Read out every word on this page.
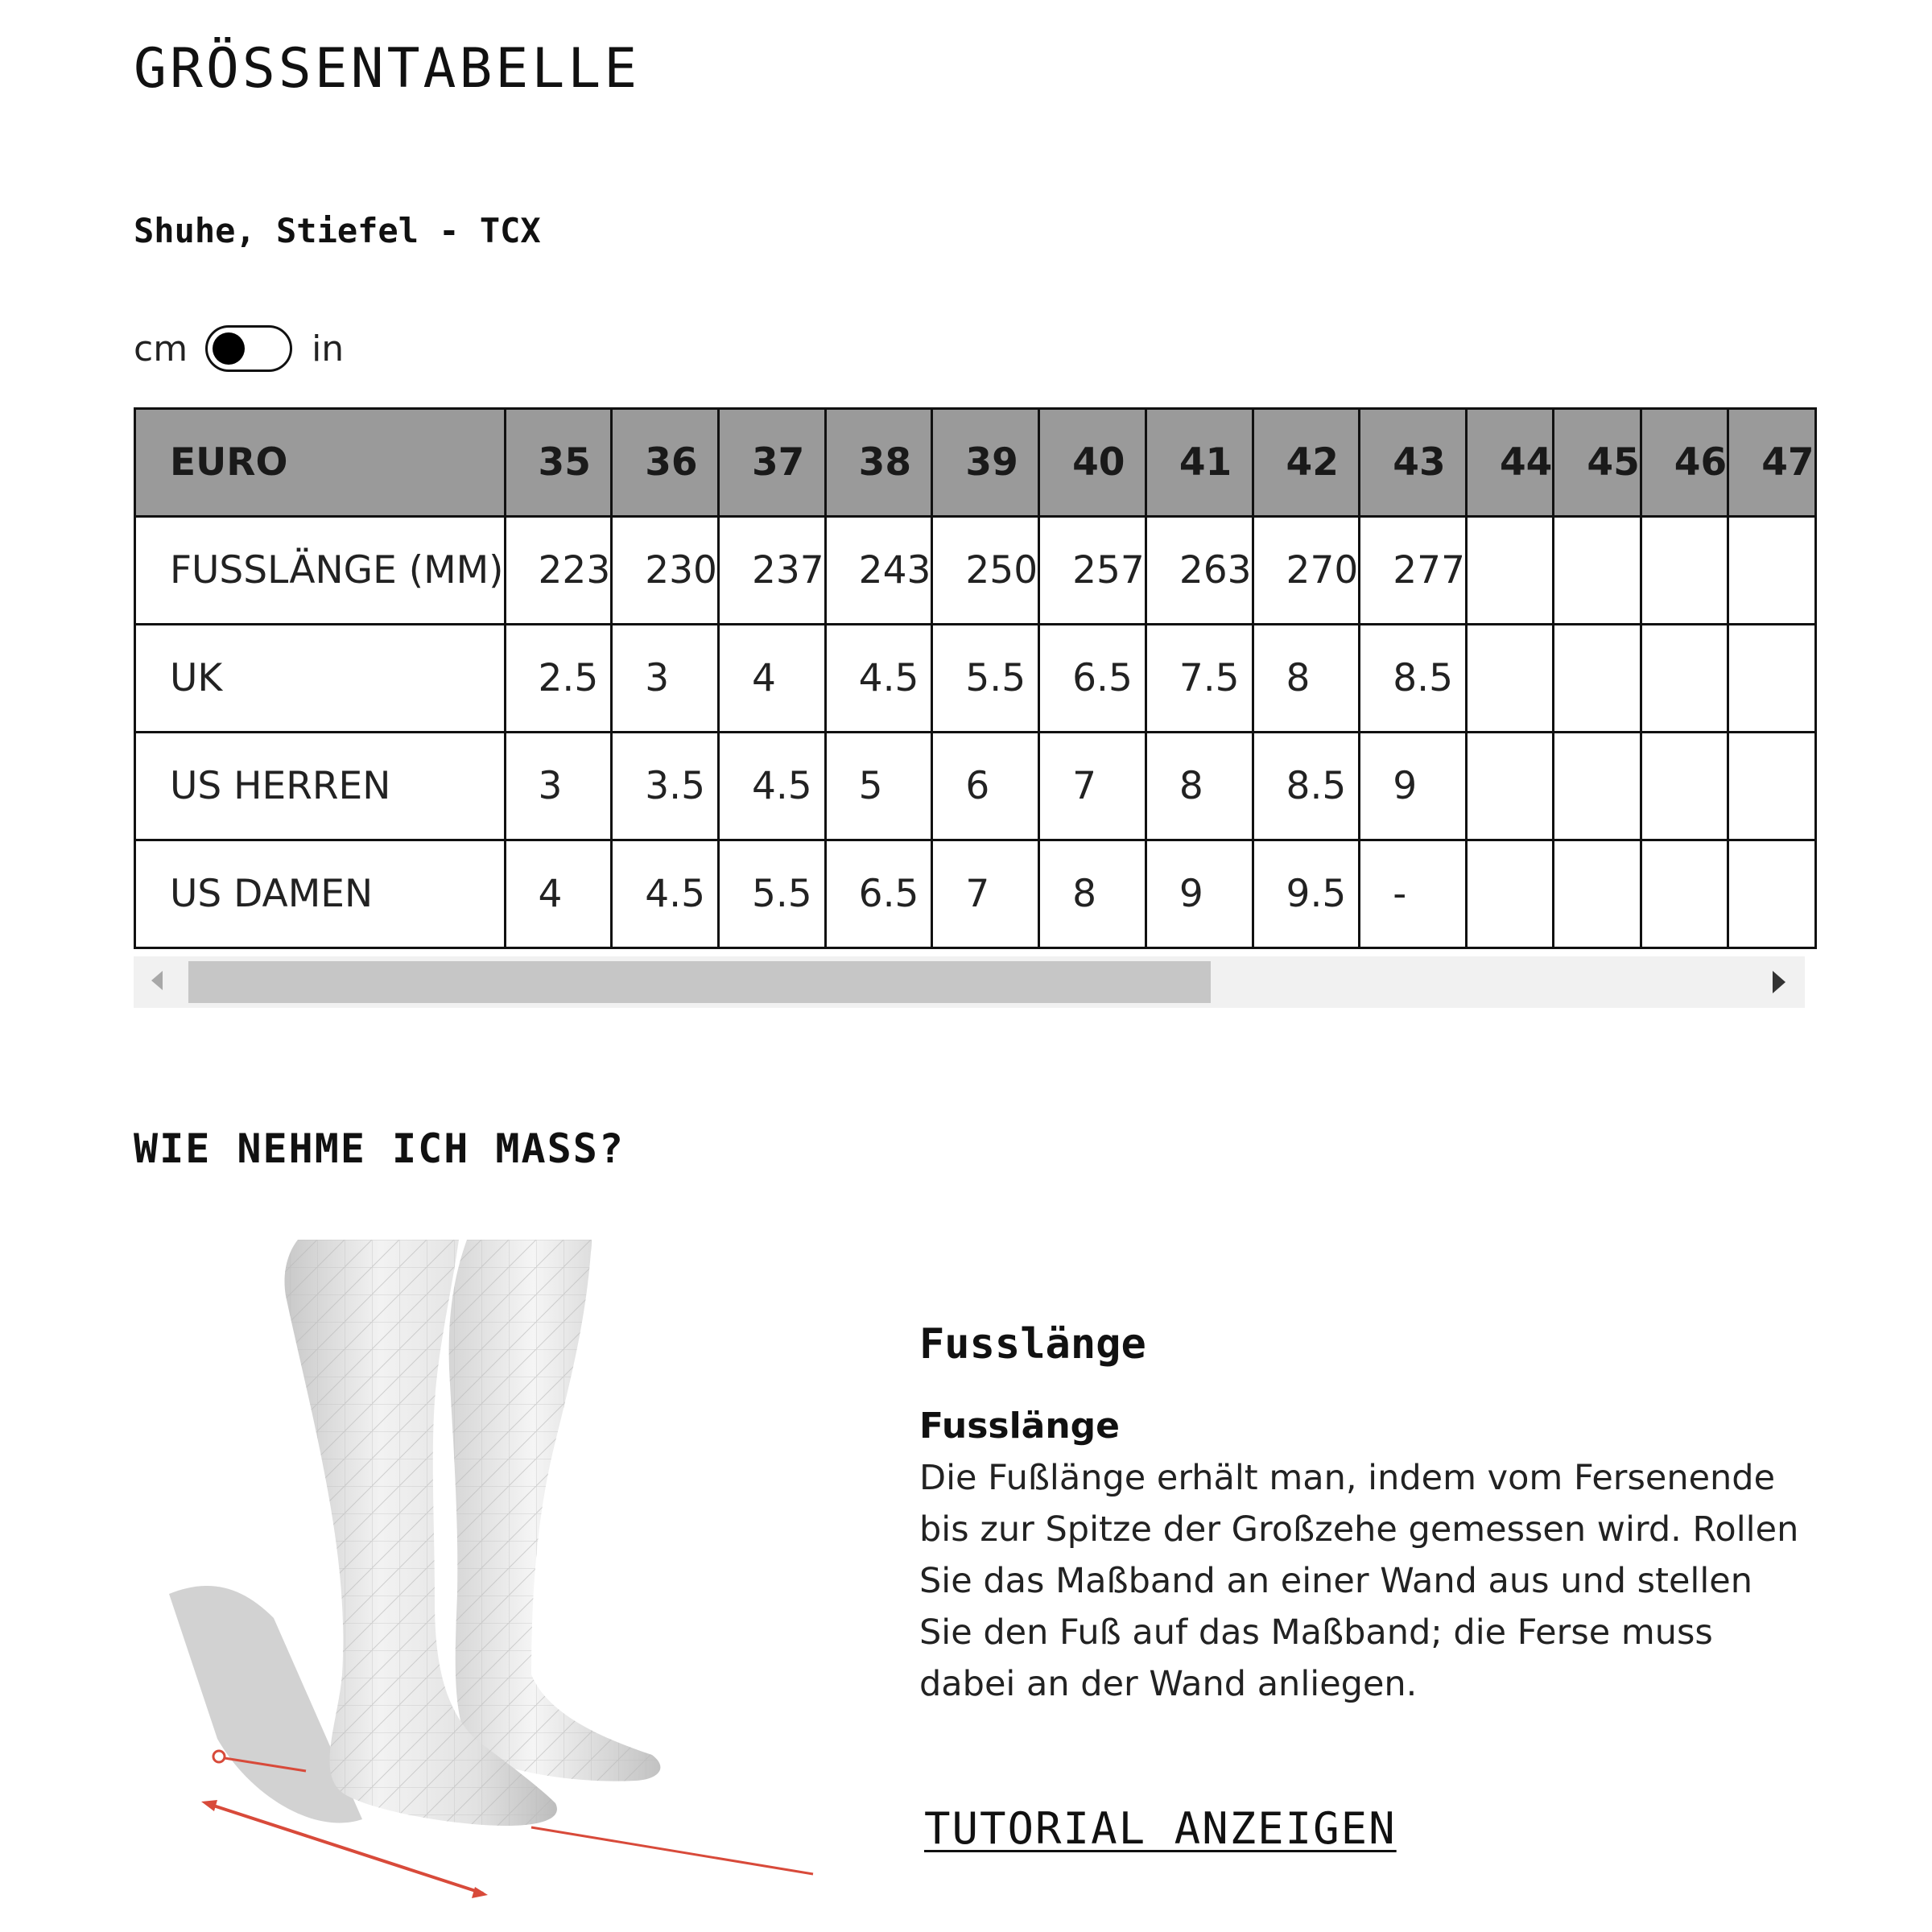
GRÖSSENTABELLE
Shuhe, Stiefel - TCX
cm	in
EURO	35	36	37	38	39	40	41	42	43	44	45	46	47
FUSSLÄNGE (MM)	223	230	237	243	250	257	263	270	277				
UK	2.5	3	4	4.5	5.5	6.5	7.5	8	8.5				
US HERREN	3	3.5	4.5	5	6	7	8	8.5	9				
US DAMEN	4	4.5	5.5	6.5	7	8	9	9.5	-				
WIE NEHME ICH MASS?
Fusslänge
Fusslänge

Die Fußlänge erhält man, indem vom Fersenende bis zur Spitze der Großzehe gemessen wird. Rollen Sie das Maßband an einer Wand aus und stellen Sie den Fuß auf das Maßband; die Ferse muss dabei an der Wand anliegen.

TUTORIAL ANZEIGEN
